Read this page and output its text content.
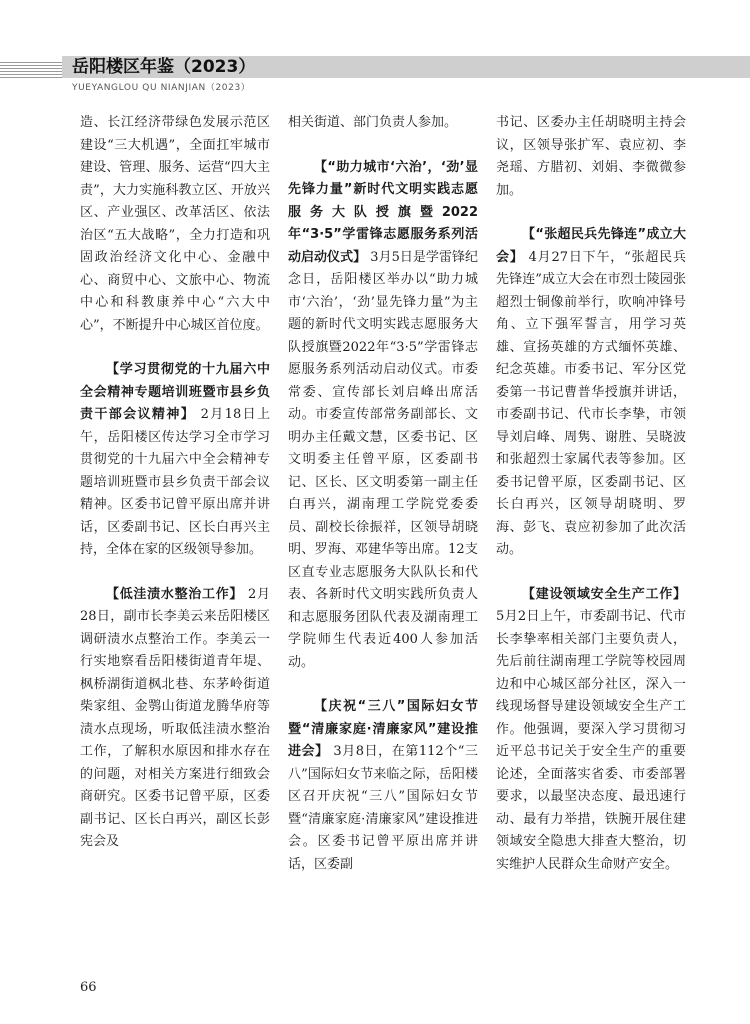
岳阳楼区年鉴（2023）
YUEYANGLOU QU NIANJIAN（2023）

造、长江经济带绿色发展示范区建设“三大机遇”，全面扛牢城市建设、管理、服务、运营“四大主责”，大力实施科教立区、开放兴区、产业强区、改革活区、依法治区“五大战略”，全力打造和巩固政治经济文化中心、金融中心、商贸中心、文旅中心、物流中心和科教康养中心“六大中心”，不断提升中心城区首位度。

【学习贯彻党的十九届六中全会精神专题培训班暨市县乡负责干部会议精神】 2月18日上午，岳阳楼区传达学习全市学习贯彻党的十九届六中全会精神专题培训班暨市县乡负责干部会议精神。区委书记曾平原出席并讲话，区委副书记、区长白再兴主持，全体在家的区级领导参加。

【低洼渍水整治工作】 2月28日，副市长李美云来岳阳楼区调研渍水点整治工作。李美云一行实地察看岳阳楼街道青年堤、枫桥湖街道枫北巷、东茅岭街道柴家组、金鹗山街道龙腾华府等渍水点现场，听取低洼渍水整治工作，了解积水原因和排水存在的问题，对相关方案进行细致会商研究。区委书记曾平原，区委副书记、区长白再兴，副区长彭宪会及

相关街道、部门负责人参加。

【“助力城市‘六治’，‘劲’显先锋力量”新时代文明实践志愿服务大队授旗暨2022年“3·5”学雷锋志愿服务系列活动启动仪式】 3月5日是学雷锋纪念日，岳阳楼区举办以“助力城市‘六治’，‘劲’显先锋力量”为主题的新时代文明实践志愿服务大队授旗暨2022年“3·5”学雷锋志愿服务系列活动启动仪式。市委常委、宣传部长刘启峰出席活动。市委宣传部常务副部长、文明办主任戴文慧，区委书记、区文明委主任曾平原，区委副书记、区长、区文明委第一副主任白再兴，湖南理工学院党委委员、副校长徐振祥，区领导胡晓明、罗海、邓建华等出席。12支区直专业志愿服务大队队长和代表、各新时代文明实践所负责人和志愿服务团队代表及湖南理工学院师生代表近400人参加活动。

【庆祝“三八”国际妇女节暨“清廉家庭·清廉家风”建设推进会】 3月8日，在第112个“三八”国际妇女节来临之际，岳阳楼区召开庆祝“三八”国际妇女节暨“清廉家庭·清廉家风”建设推进会。区委书记曾平原出席并讲话，区委副

书记、区委办主任胡晓明主持会议，区领导张扩军、袁应初、李尧瑶、方腊初、刘娟、李微微参加。

【“张超民兵先锋连”成立大会】 4月27日下午，“张超民兵先锋连”成立大会在市烈士陵园张超烈士铜像前举行，吹响冲锋号角、立下强军誓言，用学习英雄、宣扬英雄的方式缅怀英雄、纪念英雄。市委书记、军分区党委第一书记曹普华授旗并讲话，市委副书记、代市长李挚，市领导刘启峰、周隽、谢胜、吴晓波和张超烈士家属代表等参加。区委书记曾平原，区委副书记、区长白再兴，区领导胡晓明、罗海、彭飞、袁应初参加了此次活动。

【建设领域安全生产工作】 5月2日上午，市委副书记、代市长李挚率相关部门主要负责人，先后前往湖南理工学院等校园周边和中心城区部分社区，深入一线现场督导建设领域安全生产工作。他强调，要深入学习贯彻习近平总书记关于安全生产的重要论述，全面落实省委、市委部署要求，以最坚决态度、最迅速行动、最有力举措，铁腕开展住建领域安全隐患大排查大整治，切实维护人民群众生命财产安全。

66
